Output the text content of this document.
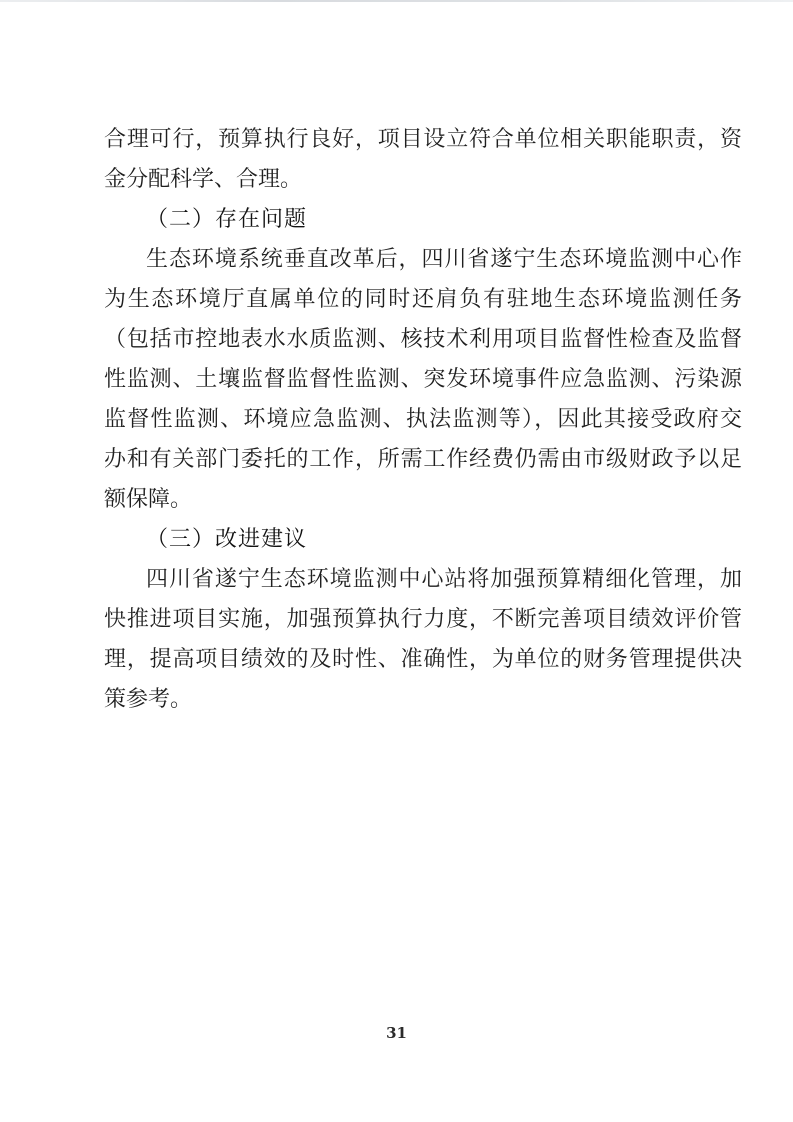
合理可行，预算执行良好，项目设立符合单位相关职能职责，资
金分配科学、合理。
（二）存在问题
生态环境系统垂直改革后，四川省遂宁生态环境监测中心作
为生态环境厅直属单位的同时还肩负有驻地生态环境监测任务
（包括市控地表水水质监测、核技术利用项目监督性检查及监督
性监测、土壤监督监督性监测、突发环境事件应急监测、污染源
监督性监测、环境应急监测、执法监测等），因此其接受政府交
办和有关部门委托的工作，所需工作经费仍需由市级财政予以足
额保障。
（三）改进建议
四川省遂宁生态环境监测中心站将加强预算精细化管理，加
快推进项目实施，加强预算执行力度，不断完善项目绩效评价管
理，提高项目绩效的及时性、准确性，为单位的财务管理提供决
策参考。
31
